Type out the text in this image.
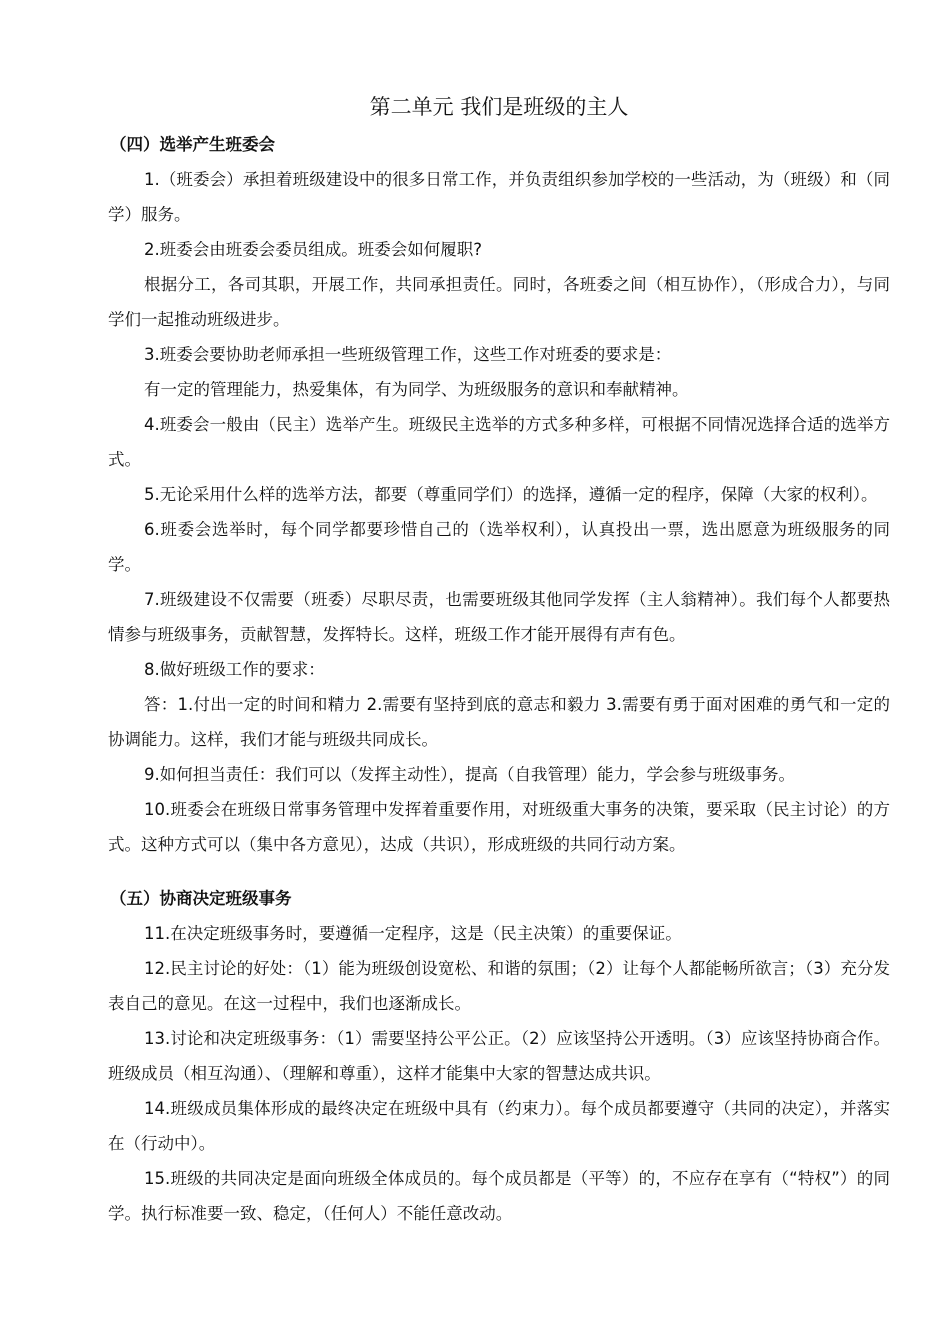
第二单元 我们是班级的主人
（四）选举产生班委会

1.（班委会）承担着班级建设中的很多日常工作，并负责组织参加学校的一些活动，为（班级）和（同学）服务。

2.班委会由班委会委员组成。班委会如何履职?

根据分工，各司其职，开展工作，共同承担责任。同时，各班委之间（相互协作），（形成合力），与同学们一起推动班级进步。

3.班委会要协助老师承担一些班级管理工作，这些工作对班委的要求是：

有一定的管理能力，热爱集体，有为同学、为班级服务的意识和奉献精神。

4.班委会一般由（民主）选举产生。班级民主选举的方式多种多样，可根据不同情况选择合适的选举方式。

5.无论采用什么样的选举方法，都要（尊重同学们）的选择，遵循一定的程序，保障（大家的权利）。

6.班委会选举时，每个同学都要珍惜自己的（选举权利），认真投出一票，选出愿意为班级服务的同学。

7.班级建设不仅需要（班委）尽职尽责，也需要班级其他同学发挥（主人翁精神）。我们每个人都要热情参与班级事务，贡献智慧，发挥特长。这样，班级工作才能开展得有声有色。

8.做好班级工作的要求：

答：1.付出一定的时间和精力 2.需要有坚持到底的意志和毅力 3.需要有勇于面对困难的勇气和一定的协调能力。这样，我们才能与班级共同成长。

9.如何担当责任：我们可以（发挥主动性），提高（自我管理）能力，学会参与班级事务。

10.班委会在班级日常事务管理中发挥着重要作用，对班级重大事务的决策，要采取（民主讨论）的方式。这种方式可以（集中各方意见），达成（共识），形成班级的共同行动方案。

（五）协商决定班级事务

11.在决定班级事务时，要遵循一定程序，这是（民主决策）的重要保证。

12.民主讨论的好处：（1）能为班级创设宽松、和谐的氛围；（2）让每个人都能畅所欲言；（3）充分发表自己的意见。在这一过程中，我们也逐渐成长。

13.讨论和决定班级事务：（1）需要坚持公平公正。（2）应该坚持公开透明。（3）应该坚持协商合作。班级成员（相互沟通）、（理解和尊重），这样才能集中大家的智慧达成共识。

14.班级成员集体形成的最终决定在班级中具有（约束力）。每个成员都要遵守（共同的决定），并落实在（行动中）。

15.班级的共同决定是面向班级全体成员的。每个成员都是（平等）的，不应存在享有（“特权”）的同学。执行标准要一致、稳定，（任何人）不能任意改动。
